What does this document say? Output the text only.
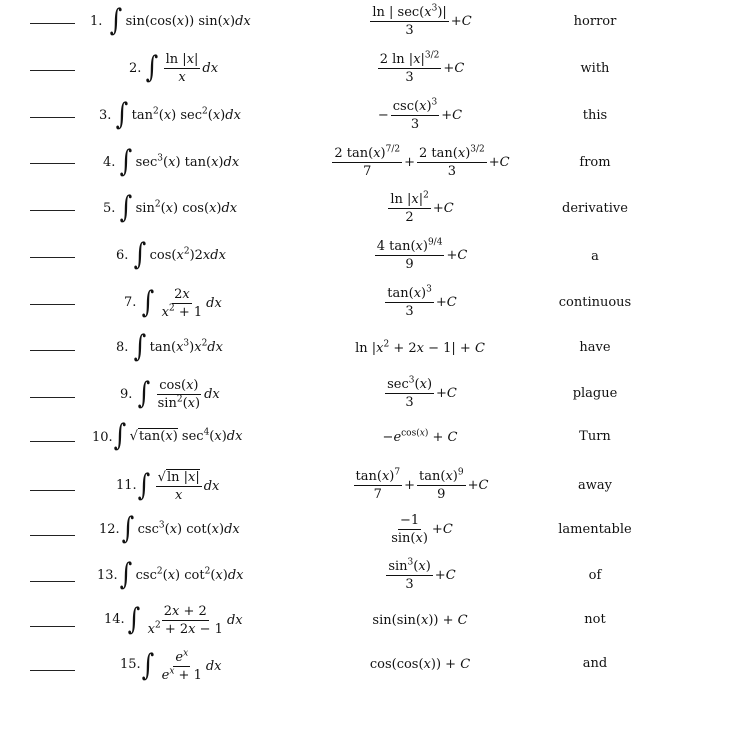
1. ∫ sin(cos(x)) sin(x)dx	$\frac{\ln | \sec(x^3)|}{3} +C$	horror
2. ∫ $\frac{\ln |x|}{x}$ dx	$\frac{2 \ln |x|^{3/2}}{3} +C$	with
3. ∫ $\tan^2(x)$ $\sec^2(x)dx$	− $\frac{\csc(x)^3}{3} +C$	this
4. ∫ $\sec^3(x)$ tan(x)dx	$\frac{2 \tan(x)^{7/2}}{7} + \frac{2 \tan(x)^{3/2}}{3} +C$	from
5. ∫ $\sin^2(x)$ cos(x)dx	$\frac{\ln |x|^2}{2} +C$	derivative
6. ∫ $\cos(x^2)2xdx$	$\frac{4 \tan(x)^{9/4}}{9} +C$	a
7. ∫ $\frac{2x}{x^2 + 1}$ dx	$\frac{\tan(x)^3}{3} +C$	continuous
8. ∫ $\tan(x^3)x^2dx$	$\ln |x^2 + 2x - 1| + C$	have
9. ∫ $\frac{\cos(x)}{\sin^2(x)}$ dx	$\frac{\sec^3(x)}{3} +C$	plague
10. ∫ √tan(x) $\sec^4(x)dx$	$-e^{cos(x)} + C$	Turn
11. ∫ $\frac{√\ln |x|}{x}$ dx	$\frac{\tan(x)^7}{7} + \frac{\tan(x)^9}{9} +C$	away
12. ∫ $\csc^3(x)$ cot(x)dx	$\frac{-1}{\sin(x)} +C$	lamentable
13. ∫ $\csc^2(x)$ $\cot^2(x)dx$	$\frac{\sin^3(x)}{3} +C$	of
14. ∫ $\frac{2x + 2}{x^2 + 2x - 1}$ dx	sin(sin(x)) + C	not
15. ∫ $\frac{e^x}{e^x + 1}$ dx	cos(cos(x)) + C	and
